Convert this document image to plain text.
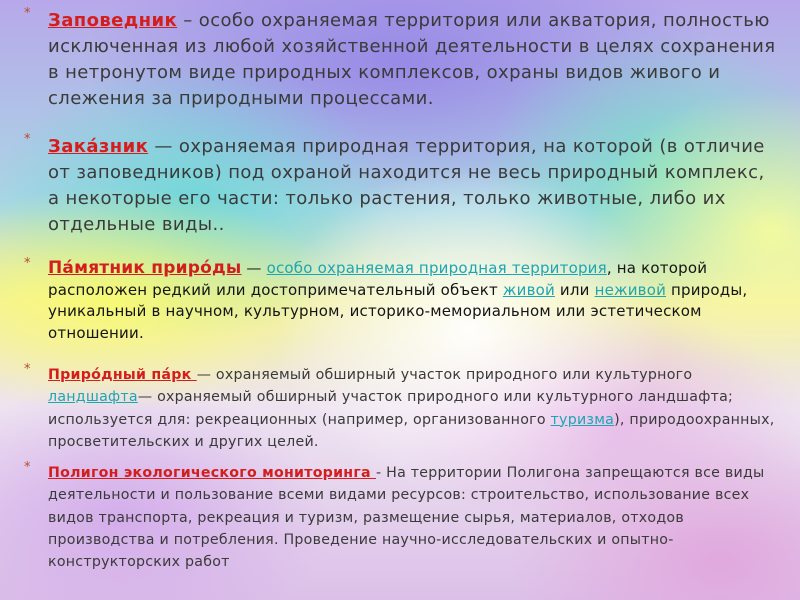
* Заповедник – особо охраняемая территория или акватория, полностью исключенная из любой хозяйственной деятельности в целях сохранения в нетронутом виде природных комплексов, охраны видов живого и слежения за природными процессами.
* Зака́зник — охраняемая природная территория, на которой (в отличие от заповедников) под охраной находится не весь природный комплекс, а некоторые его части: только растения, только животные, либо их отдельные виды..
*	Па́мятник приро́ды — особо охраняемая природная территория, на которой расположен редкий или достопримечательный объект живой или неживой природы, уникальный в научном, культурном, историко-мемориальном или эстетическом отношении.
*	Приро́дный па́рк — охраняемый обширный участок природного или культурного ландшафта— охраняемый обширный участок природного или культурного ландшафта; используется для: рекреационных (например, организованного туризма), природоохранных, просветительских и других целей.
*	Полигон экологического мониторинга - На территории Полигона запрещаются все виды деятельности и пользование всеми видами ресурсов: строительство, использование всех видов транспорта, рекреация и туризм, размещение сырья, материалов, отходов производства и потребления. Проведение научно-исследовательских и опытно-конструкторских работ
